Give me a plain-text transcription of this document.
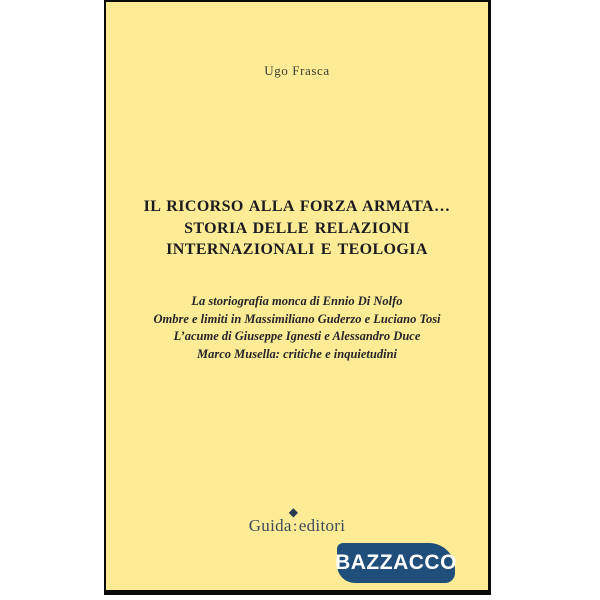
Ugo Frasca
IL RICORSO ALLA FORZA ARMATA…
STORIA DELLE RELAZIONI
INTERNAZIONALI E TEOLOGIA
La storiografia monca di Ennio Di Nolfo
Ombre e limiti in Massimiliano Guderzo e Luciano Tosi
L’acume di Giuseppe Ignesti e Alessandro Duce
Marco Musella: critiche e inquietudini
Guida
◆
:editori
BAZZACCO
